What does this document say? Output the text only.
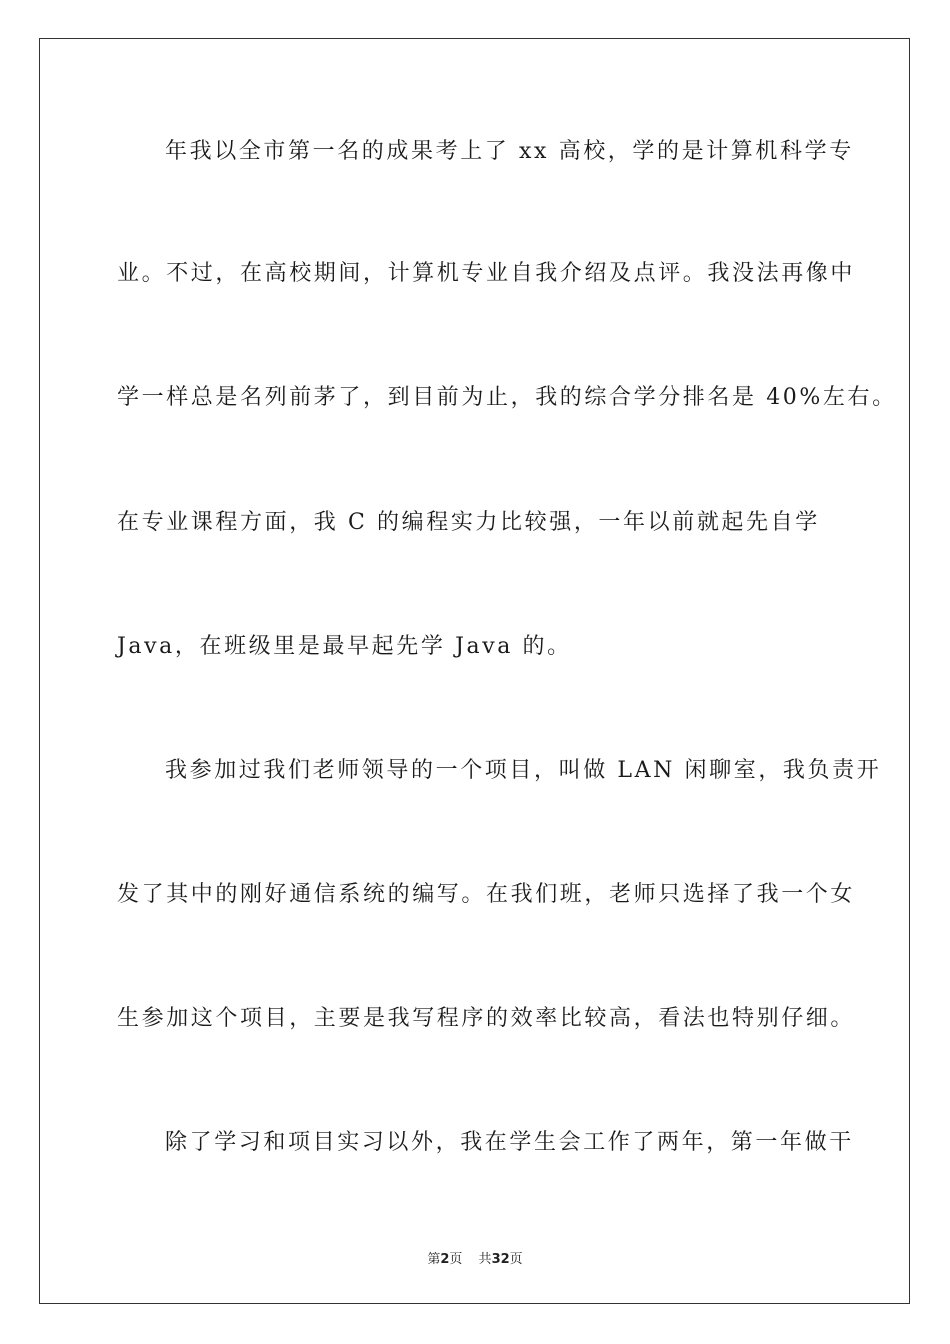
年我以全市第一名的成果考上了 xx 高校，学的是计算机科学专
业。不过，在高校期间，计算机专业自我介绍及点评。我没法再像中
学一样总是名列前茅了，到目前为止，我的综合学分排名是 40%左右。
在专业课程方面，我 C 的编程实力比较强，一年以前就起先自学
Java，在班级里是最早起先学 Java 的。
我参加过我们老师领导的一个项目，叫做 LAN 闲聊室，我负责开
发了其中的刚好通信系统的编写。在我们班，老师只选择了我一个女
生参加这个项目，主要是我写程序的效率比较高，看法也特别仔细。
除了学习和项目实习以外，我在学生会工作了两年，第一年做干
第2页 共32页
